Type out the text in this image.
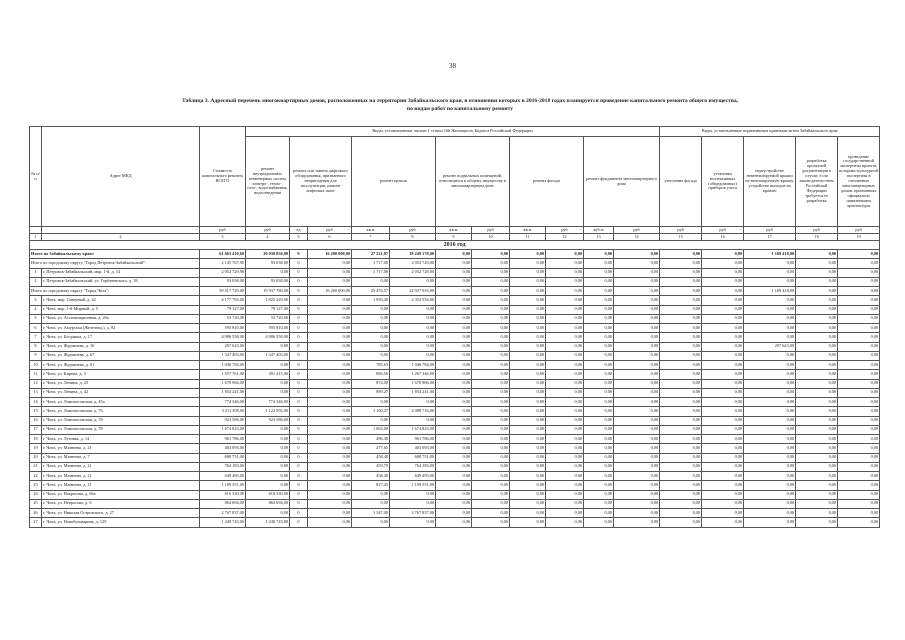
38
Таблица 3. Адресный перечень многоквартирных домов, расположенных на территории Забайкальского края, в отношении которых в 2016-2018 годах планируется проведение капитального ремонта общего имущества,
по видам работ по капитальному ремонту
№ п/п	Адрес МКД	Стоимость капитального ремонта ВСЕГО	Виды, установленные частью 1 статьи 166 Жилищного Кодекса Российской Федерации											Виды, установленные нормативным правовым актом Забайкальского края				
			ремонт внутридомовых инженерных систем электро-, тепло-, газо-, водоснабжения, водоотведения	ремонт или замена лифтового оборудования, признанного непригодным для эксплуатации, ремонт лифтовых шахт		ремонт крыши		ремонт подвальных помещений, относящихся к общему имуществу в многоквартирном доме		ремонт фасада		ремонт фундамента многоквартирного дома		утепление фасада	установка коллективных (общедомовых) приборов учета	переустройство невентилируемой крыши на вентилируемую крышу, устройство выходов на кровлю	разработка проектной документации в случае, если законодательством Российской Федерации требуется ее разработка	проведение государственной экспертизы проекта, историко-культурной экспертизы в отношении многоквартирных домов, признанных официально памятниками архитектуры
		руб	руб	ед	руб	кв.м	руб	кв.м	руб	кв.м	руб	куб.м	руб	руб	руб	руб	руб	руб
1	2	3	4	5	6	7	8	9	10	11	12	13	14	15	16	17	18	19
2016 год																		
Итого по Забайкальскому краю:		61 663 410,60	20 030 856,00	9	16 200 000,00	27 221,07	18 249 178,00	0,00	0,00	0,00	0,00	0,00	0,00	0,00	0,00	1 169 418,00	0,00	0,00
Итого по городскому округу "Город Петровск-Забайкальский":		2 145 767,90	93 038,00	0	0,00	1 717,00	2 052 729,00	0,00	0,00	0,00	0,00	0,00	0,00	0,00	0,00	0,00	0,00	0,00
1	г. Петровск-Забайкальский, мкр. 1-й, д. 14	2 052 729,90	0,00	0	0,00	1 717,00	2 052 729,00	0,00	0,00	0,00	0,00	0,00	0,00	0,00	0,00	0,00	0,00	0,00
2	г. Петровск-Забайкальский, ул. Горбачевского, д. 18	93 038,00	93 038,00	0	0,00	0,00	0,00	0,00	0,00	0,00	0,00	0,00	0,00	0,00	0,00	0,00	0,00	0,00
Итого по городскому округу "Город Чита":		59 517 729,00	19 937 780,00	9	16 200 000,00	25 453,57	22 937 935,00	0,00	0,00	0,00	0,00	0,00	0,00	0,00	0,00	1 169 418,00	0,00	0,00
3	г. Чита, мкр. Северный, д. 42	4 177 783,00	1 825 229,00	0	0,00	1 950,40	2 352 554,00	0,00	0,00	0,00	0,00	0,00	0,00	0,00	0,00	0,00	0,00	0,00
4	г. Чита, мкр. 1-й Мирный, д. 5	79 127,00	79 127,00	0	0,00	0,00	0,00	0,00	0,00	0,00	0,00	0,00	0,00	0,00	0,00	0,00	0,00	0,00
5	г. Чита, ул. Ассенизационная, д. 26а	53 720,00	53 720,00	0	0,00	0,00	0,00	0,00	0,00	0,00	0,00	0,00	0,00	0,00	0,00	0,00	0,00	0,00
6	г. Чита, ул. Амурская (Железнод.), д. 82	595 810,00	595 810,00	0	0,00	0,00	0,00	0,00	0,00	0,00	0,00	0,00	0,00	0,00	0,00	0,00	0,00	0,00
7	г. Чита, ул. Богдашка, д. 17	4 986 558,00	4 986 558,00	0	0,00	0,00	0,00	0,00	0,00	0,00	0,00	0,00	0,00	0,00	0,00	0,00	0,00	0,00
8	г. Чита, ул. Журавлева, д. 16	297 623,00	0,00	0	0,00	0,00	0,00	0,00	0,00	0,00	0,00	0,00	0,00	0,00	0,00	297 623,00	0,00	0,00
9	г. Чита, ул. Журавлева, д. 67	1 347 403,00	1 347 403,00	0	0,00	0,00	0,00	0,00	0,00	0,00	0,00	0,00	0,00	0,00	0,00	0,00	0,00	0,00
10	г. Чита, ул. Журавлева, д. 61	1 046 784,00	0,00	0	0,00	785,63	1 046 784,00	0,00	0,00	0,00	0,00	0,00	0,00	0,00	0,00	0,00	0,00	0,00
11	г. Чита, ул. Кирова, д. 3	1 557 761,00	491 415,00	0	0,00	886,56	1 267 346,00	0,00	0,00	0,00	0,00	0,00	0,00	0,00	0,00	0,00	0,00	0,00
12	г. Чита, ул. Ленина, д. 25	1 678 966,00	0,00	0	0,00	874,00	1 678 966,00	0,00	0,00	0,00	0,00	0,00	0,00	0,00	0,00	0,00	0,00	0,00
13	г. Чита, ул. Ленина, д. 42	1 854 241,00	0,00	0	0,00	889,27	1 854 241,00	0,00	0,00	0,00	0,00	0,00	0,00	0,00	0,00	0,00	0,00	0,00
14	г. Чита, ул. Ломоносовская, д. 45а	774 346,00	774 346,00	0	0,00	0,00	0,00	0,00	0,00	0,00	0,00	0,00	0,00	0,00	0,00	0,00	0,00	0,00
15	г. Чита, ул. Ломоносовская, д. 76	3 211 308,00	1 122 592,00	0	0,00	1 160,37	2 088 716,00	0,00	0,00	0,00	0,00	0,00	0,00	0,00	0,00	0,00	0,00	0,00
16	г. Чита, ул. Ломоносовская, д. 78	923 586,00	923 586,00	0	0,00	0,00	0,00	0,00	0,00	0,00	0,00	0,00	0,00	0,00	0,00	0,00	0,00	0,00
17	г. Чита, ул. Ломоносовская, д. 78	1 674 823,00	0,00	0	0,00	1 063,00	1 674 823,00	0,00	0,00	0,00	0,00	0,00	0,00	0,00	0,00	0,00	0,00	0,00
18	г. Чита, ул. Луговая, д. 14	961 786,00	0,00	0	0,00	496,38	961 786,00	0,00	0,00	0,00	0,00	0,00	0,00	0,00	0,00	0,00	0,00	0,00
19	г. Чита, ул. Матвеева, д. 21	403 093,00	0,00	0	0,00	277,65	403 093,00	0,00	0,00	0,00	0,00	0,00	0,00	0,00	0,00	0,00	0,00	0,00
20	г. Чита, ул. Матвеева, д. 7	688 751,00	0,00	0	0,00	458,40	688 751,00	0,00	0,00	0,00	0,00	0,00	0,00	0,00	0,00	0,00	0,00	0,00
21	г. Чита, ул. Матвеева, д. 21	764 183,00	0,00	0	0,00	459,79	764 183,00	0,00	0,00	0,00	0,00	0,00	0,00	0,00	0,00	0,00	0,00	0,00
22	г. Чита, ул. Матвеева, д. 21	649 495,00	0,00	0	0,00	458,40	649 495,00	0,00	0,00	0,00	0,00	0,00	0,00	0,00	0,00	0,00	0,00	0,00
23	г. Чита, ул. Матвеева, д. 21	1 199 551,00	0,00	0	0,00	817,45	1 199 551,00	0,00	0,00	0,00	0,00	0,00	0,00	0,00	0,00	0,00	0,00	0,00
24	г. Чита, ул. Некрасова, д. 66а	616 330,00	616 330,00	0	0,00	0,00	0,00	0,00	0,00	0,00	0,00	0,00	0,00	0,00	0,00	0,00	0,00	0,00
25	г. Чита, ул. Некрасова, д. 6	864 694,00	864 694,00	0	0,00	0,00	0,00	0,00	0,00	0,00	0,00	0,00	0,00	0,00	0,00	0,00	0,00	0,00
26	г. Чита, ул. Николая Островского, д. 27	2 767 837,00	0,00	0	0,00	1 347,00	2 767 837,00	0,00	0,00	0,00	0,00	0,00	0,00	0,00	0,00	0,00	0,00	0,00
27	г. Чита, ул. Новобульварная, д. 129	1 240 743,00	1 240 743,00	0	0,00	0,00	0,00	0,00	0,00	0,00	0,00	0,00	0,00	0,00	0,00	0,00	0,00	0,00
